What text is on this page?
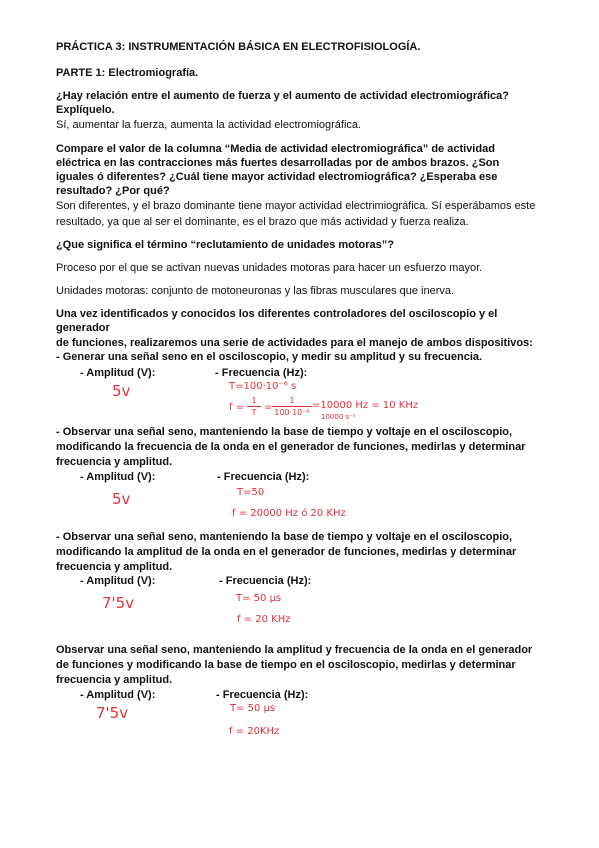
PRÁCTICA 3: INSTRUMENTACIÓN BÁSICA EN ELECTROFISIOLOGÍA.
PARTE 1: Electromiografía.
¿Hay relación entre el aumento de fuerza y el aumento de actividad electromiográfica?
Explíquelo.
Sí, aumentar la fuerza, aumenta la actividad electromiográfica.
Compare el valor de la columna “Media de actividad electromiográfica” de actividad
eléctrica en las contracciones más fuertes desarrolladas por de ambos brazos. ¿Son
iguales ó diferentes? ¿Cuál tiene mayor actividad electromiográfica? ¿Esperaba ese
resultado? ¿Por qué?
Son diferentes, y el brazo dominante tiene mayor actividad electrimiográfica. Sí esperábamos este
resultado, ya que al ser el dominante, es el brazo que más actividad y fuerza realiza.
¿Que significa el término “reclutamiento de unidades motoras”?
Proceso por el que se activan nuevas unidades motoras para hacer un esfuerzo mayor.
Unidades motoras: conjunto de motoneuronas y las fibras musculares que inerva.
Una vez identificados y conocidos los diferentes controladores del osciloscopio y el
generador
de funciones, realizaremos una serie de actividades para el manejo de ambos dispositivos:
- Generar una señal seno en el osciloscopio, y medir su amplitud y su frecuencia.
- Amplitud (V):	- Frecuencia (Hz):
5v	T=100·10⁻⁶ s
f =
1
T =
1
100·10⁻⁶
=10000 Hz = 10 KHz
10000 s⁻¹
- Observar una señal seno, manteniendo la base de tiempo y voltaje en el osciloscopio,
modificando la frecuencia de la onda en el generador de funciones, medirlas y determinar
frecuencia y amplitud.
- Amplitud (V):	- Frecuencia (Hz):
5v	T=50
f = 20000 Hz ó 20 KHz
- Observar una señal seno, manteniendo la base de tiempo y voltaje en el osciloscopio,
modificando la amplitud de la onda en el generador de funciones, medirlas y determinar
frecuencia y amplitud.
- Amplitud (V):	- Frecuencia (Hz):
7'5v	T= 50 µs
f = 20 KHz
Observar una señal seno, manteniendo la amplitud y frecuencia de la onda en el generador
de funciones y modificando la base de tiempo en el osciloscopio, medirlas y determinar
frecuencia y amplitud.
- Amplitud (V):	- Frecuencia (Hz):
7'5v	T= 50 µs
f = 20KHz
